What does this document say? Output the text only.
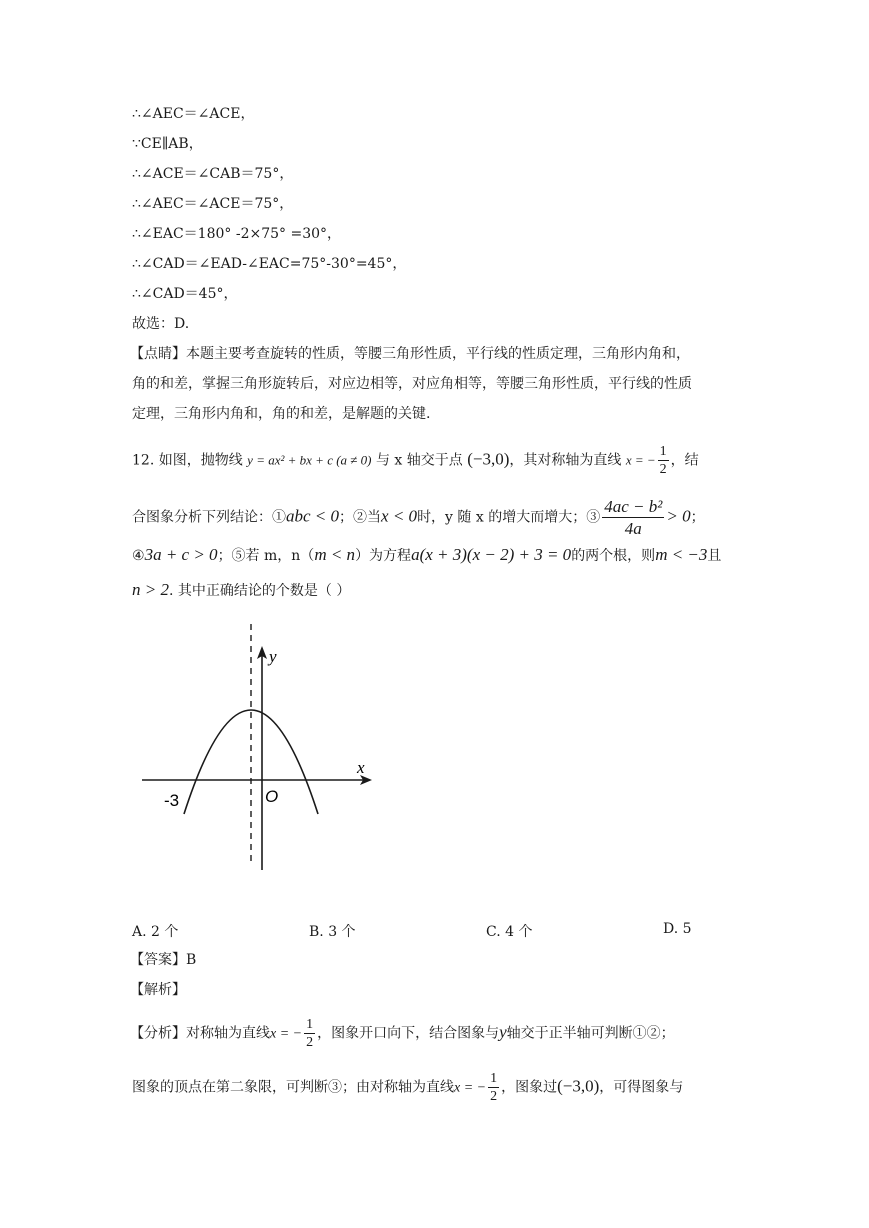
∴∠AEC＝∠ACE，
∵CE∥AB，
∴∠ACE＝∠CAB＝75°，
∴∠AEC＝∠ACE＝75°，
∴∠EAC＝180° -2×75° =30°，
∴∠CAD＝∠EAD-∠EAC=75°-30°=45°，
∴∠CAD＝45°，
故选：D.
【点睛】本题主要考查旋转的性质，等腰三角形性质，平行线的性质定理，三角形内角和，
角的和差，掌握三角形旋转后，对应边相等，对应角相等，等腰三角形性质，平行线的性质
定理，三角形内角和，角的和差，是解题的关键.
12. 如图，抛物线 y = ax² + bx + c (a ≠ 0) 与 x 轴交于点 (−3,0)，其对称轴为直线 x = − $\frac{1}{2}$ ，结
合图象分析下列结论：①abc < 0；②当x < 0时，y 随 x 的增大而增大；③ $\frac{\text{4ac − b²}}{4a} > 0$；
④3a + c > 0；⑤若 m，n（m < n）为方程a(x + 3)(x − 2) + 3 = 0的两个根，则m < −3且
n > 2. 其中正确结论的个数是（ ）
y
x
O
-3
A. 2 个	B. 3 个	C. 4 个	D. 5
【答案】B
【解析】
【分析】对称轴为直线x = − $\frac{1}{2}$ ，图象开口向下，结合图象与y轴交于正半轴可判断①②；
图象的顶点在第二象限，可判断③；由对称轴为直线x = − $\frac{1}{2}$ ，图象过(−3,0)，可得图象与
